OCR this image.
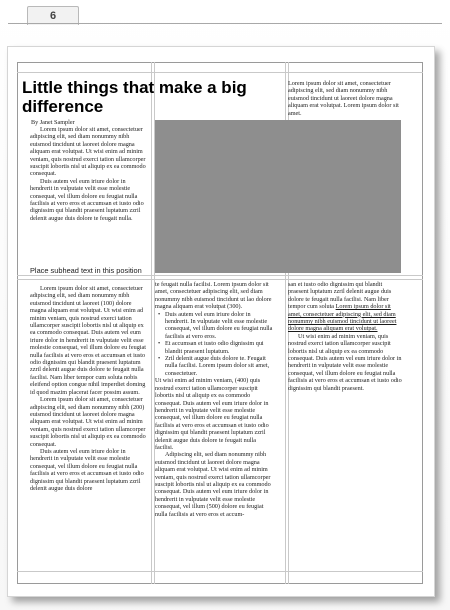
6
Little things that make a big difference
By Janet Sampler

Lorem ipsum dolor sit amet, consectetuer adipiscing elit, sed diam nonummy nibh euismod tincidunt ut laoreet dolore magna aliquam erat volutpat. Ut wisi enim ad minim veniam, quis nostrud exerci tation ullamcorper suscipit lobortis nisl ut aliquip ex ea commodo consequat.

Duis autem vel eum iriure dolor in hendrerit in vulputate velit esse molestie consequat, vel illum dolore eu feugiat nulla facilisis at vero eros et accumsan et iusto odio dignissim qui blandit praesent luptatum zzril delenit augue duis dolore te feugait nulla.

Place subhead text in this position

Lorem ipsum dolor sit amet, consectetuer adipiscing elit, sed diam nonummy nibh euismod tincidunt ut laoreet (100) dolore magna aliquam erat volutpat. Ut wisi enim ad minim veniam, quis nostrud exerci tation ullamcorper suscipit lobortis nisl ut aliquip ex ea commodo consequat. Duis autem vel eum iriure dolor in hendrerit in vulputate velit esse molestie consequat, vel illum dolore eu feugiat nulla facilisis at vero eros et accumsan et iusto odio dignissim qui blandit praesent luptatum zzril delenit augue duis dolore te feugait nulla facilisi. Nam liber tempor cum soluta nobis eleifend option congue nihil imperdiet doming id quod mazim placerat facer possim assum.

Lorem ipsum dolor sit amet, consectetuer adipiscing elit, sed diam nonummy nibh (200) euismod tincidunt ut laoreet dolore magna aliquam erat volutpat. Ut wisi enim ad minim veniam, quis nostrud exerci tation ullamcorper suscipit lobortis nisl ut aliquip ex ea commodo consequat.

Duis autem vel eum iriure dolor in hendrerit in vulputate velit esse molestie consequat, vel illum dolore eu feugiat nulla facilisis at vero eros et accumsan et iusto odio dignissim qui blandit praesent luptatum zzril delenit augue duis dolore

te feugait nulla facilisi. Lorem ipsum dolor sit amet, consectetuer adipiscing elit, sed diam nonummy nibh euismod tincidunt ut lao dolore magna aliquam erat volutpat (300).

• Duis autem vel eum iriure dolor in hendrerit. In vulputate velit esse molestie consequat, vel illum dolore eu feugiat nulla facilisis at vero eros.
• Et accumsan et iusto odio dignissim qui blandit praesent luptatum.
• Zril delenit augue duis dolore te. Feugait nulla facilisi. Lorem ipsum dolor sit amet, consectetuer.

Ut wisi enim ad minim veniam, (400) quis nostrud exerci tation ullamcorper suscipit lobortis nisl ut aliquip ex ea commodo consequat. Duis autem vel eum iriure dolor in hendrerit in vulputate velit esse molestie consequat, vel illum dolore eu feugiat nulla facilisis at vero eros et accumsan et iusto odio dignissim qui blandit praesent luptatum zzril delenit augue duis dolore te feugait nulla facilisi.

Adipiscing elit, sed diam nonummy nibh euismod tincidunt ut laoreet dolore magna aliquam erat volutpat. Ut wisi enim ad minim veniam, quis nostrud exerci tation ullamcorper suscipit lobortis nisl ut aliquip ex ea commodo consequat. Duis autem vel eum iriure dolor in hendrerit in vulputate velit esse molestie consequat, vel illum (500) dolore eu feugiat nulla facilisis at vero eros et accum-

Lorem ipsum dolor sit amet, consectetuer adipiscing elit, sed diam nonummy nibh euismod tincidunt ut laoreet dolore magna aliquam erat volutpat. Lorem ipsum dolor sit amet.

san et iusto odio dignissim qui blandit praesent luptatum zzril delenit augue duis dolore te feugait nulla facilisi. Nam liber tempor cum soluta Lorem ipsum dolor sit amet, consectetuer adipiscing elit, sed diam nonummy nibh euismod tincidunt ut laoreet dolore magna aliquam erat volutpat.

Ut wisi enim ad minim veniam, quis nostrud exerci tation ullamcorper suscipit lobortis nisl ut aliquip ex ea commodo consequat. Duis autem vel eum iriure dolor in hendrerit in vulputate velit esse molestie consequat, vel illum dolore eu feugiat nulla facilisis at vero eros et accumsan et iusto odio dignissim qui blandit praesent.
